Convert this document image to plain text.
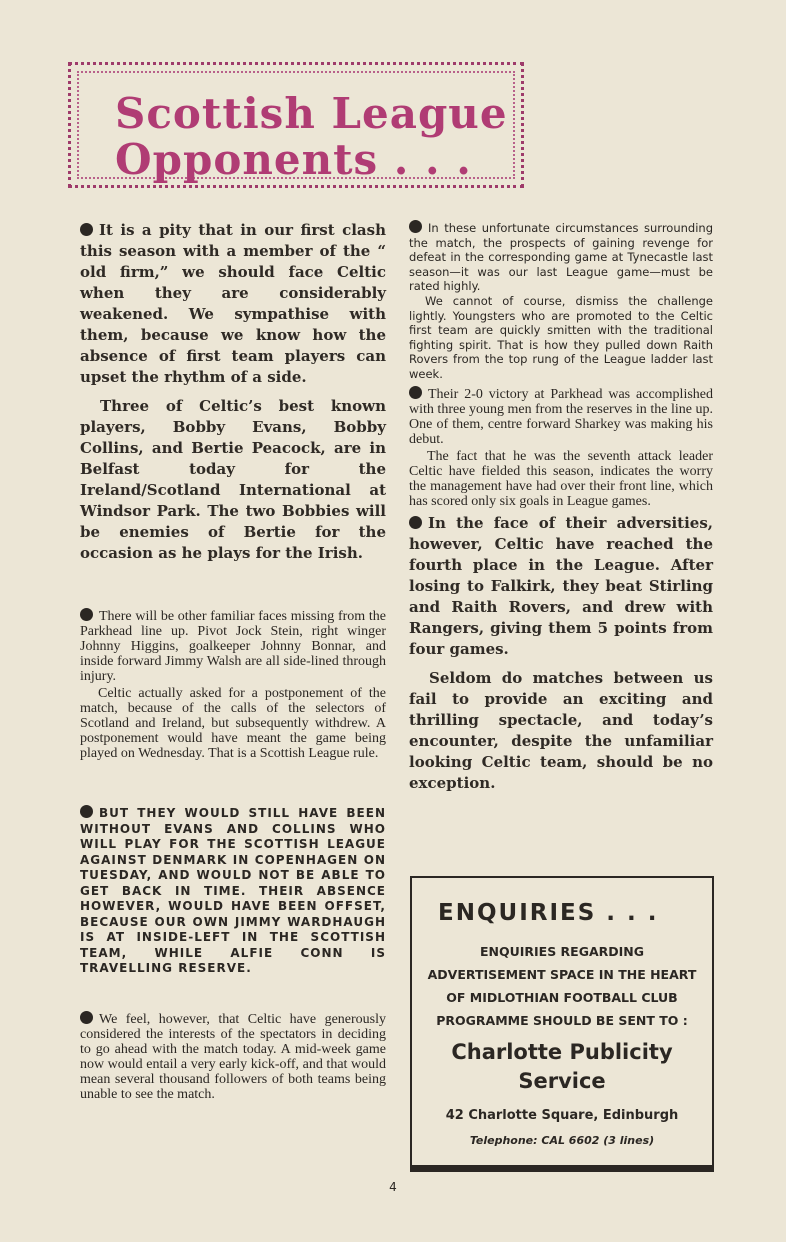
Scottish League
Opponents . . .

It is a pity that in our first clash this season with a member of the “ old firm,” we should face Celtic when they are considerably weakened. We sympathise with them, because we know how the absence of first team players can upset the rhythm of a side.

Three of Celtic’s best known players, Bobby Evans, Bobby Collins, and Bertie Peacock, are in Belfast today for the Ireland/Scotland International at Windsor Park. The two Bobbies will be enemies of Bertie for the occasion as he plays for the Irish.

There will be other familiar faces missing from the Parkhead line up. Pivot Jock Stein, right winger Johnny Higgins, goalkeeper Johnny Bonnar, and inside forward Jimmy Walsh are all side-lined through injury.

Celtic actually asked for a postponement of the match, because of the calls of the selectors of Scotland and Ireland, but subsequently withdrew. A postponement would have meant the game being played on Wednesday. That is a Scottish League rule.

BUT THEY WOULD STILL HAVE BEEN WITHOUT EVANS AND COLLINS WHO WILL PLAY FOR THE SCOTTISH LEAGUE AGAINST DENMARK IN COPENHAGEN ON TUESDAY, AND WOULD NOT BE ABLE TO GET BACK IN TIME. THEIR ABSENCE HOWEVER, WOULD HAVE BEEN OFFSET, BECAUSE OUR OWN JIMMY WARDHAUGH IS AT INSIDE-LEFT IN THE SCOTTISH TEAM, WHILE ALFIE CONN IS TRAVELLING RESERVE.

We feel, however, that Celtic have generously considered the interests of the spectators in deciding to go ahead with the match today. A mid-week game now would entail a very early kick-off, and that would mean several thousand followers of both teams being unable to see the match.

In these unfortunate circumstances surrounding the match, the prospects of gaining revenge for defeat in the corresponding game at Tynecastle last season—it was our last League game—must be rated highly.

We cannot of course, dismiss the challenge lightly. Youngsters who are promoted to the Celtic first team are quickly smitten with the traditional fighting spirit. That is how they pulled down Raith Rovers from the top rung of the League ladder last week.

Their 2-0 victory at Parkhead was accomplished with three young men from the reserves in the line up. One of them, centre forward Sharkey was making his debut.

The fact that he was the seventh attack leader Celtic have fielded this season, indicates the worry the management have had over their front line, which has scored only six goals in League games.

In the face of their adversities, however, Celtic have reached the fourth place in the League. After losing to Falkirk, they beat Stirling and Raith Rovers, and drew with Rangers, giving them 5 points from four games.

Seldom do matches between us fail to provide an exciting and thrilling spectacle, and today’s encounter, despite the unfamiliar looking Celtic team, should be no exception.

ENQUIRIES . . .

ENQUIRIES REGARDING ADVERTISEMENT SPACE IN THE HEART OF MIDLOTHIAN FOOTBALL CLUB PROGRAMME SHOULD BE SENT TO :

Charlotte Publicity Service

42 Charlotte Square, Edinburgh

Telephone: CAL 6602 (3 lines)

4
